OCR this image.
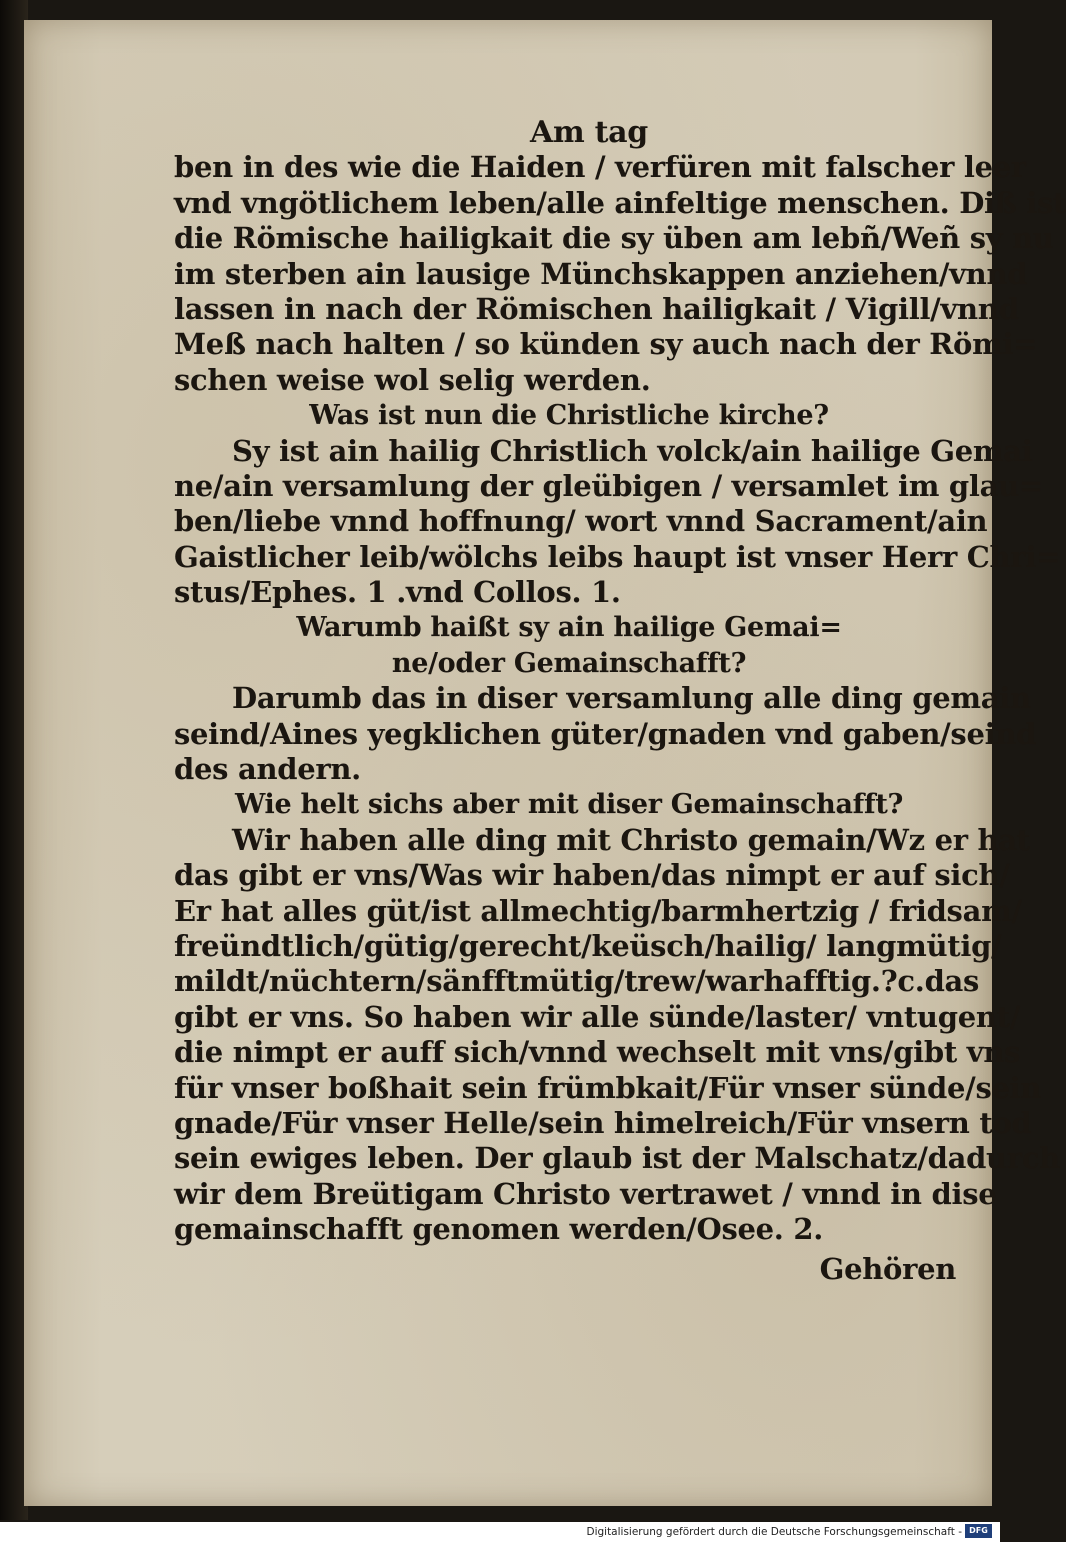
Am tag
ben in des wie die Haiden / verfüren mit falscher leer
vnd vngötlichem leben/alle ainfeltige menschen. Diß ist
die Römische hailigkait die sy üben am lebñ/Weñ sy nu
im sterben ain lausige Münchskappen anziehen/vnnd
lassen in nach der Römischen hailigkait / Vigill/vnnd
Meß nach halten / so künden sy auch nach der Römi=
schen weise wol selig werden.
Was ist nun die Christliche kirche?
Sy ist ain hailig Christlich volck/ain hailige Gemai
ne/ain versamlung der gleübigen / versamlet im glau=
ben/liebe vnnd hoffnung/ wort vnnd Sacrament/ain
Gaistlicher leib/wölchs leibs haupt ist vnser Herr Chri=
stus/Ephes. 1 .vnd Collos. 1.
Warumb haißt sy ain hailige Gemai=
ne/oder Gemainschafft?
Darumb das in diser versamlung alle ding gemain
seind/Aines yegklichen güter/gnaden vnd gaben/seind
des andern.
Wie helt sichs aber mit diser Gemainschafft?
Wir haben alle ding mit Christo gemain/Wz er hat
das gibt er vns/Was wir haben/das nimpt er auf sich/
Er hat alles güt/ist allmechtig/barmhertzig / fridsam/
freündtlich/gütig/gerecht/keüsch/hailig/ langmütig/
mildt/nüchtern/sänfftmütig/trew/warhafftig.?c.das
gibt er vns. So haben wir alle sünde/laster/ vntugent/
die nimpt er auff sich/vnnd wechselt mit vns/gibt vns
für vnser boßhait sein frümbkait/Für vnser sünde/sein
gnade/Für vnser Helle/sein himelreich/Für vnsern tod
sein ewiges leben. Der glaub ist der Malschatz/dadurch
wir dem Breütigam Christo vertrawet / vnnd in dise
gemainschafft genomen werden/Osee. 2.
Gehören
Digitalisierung gefördert durch die Deutsche Forschungsgemeinschaft - DFG
